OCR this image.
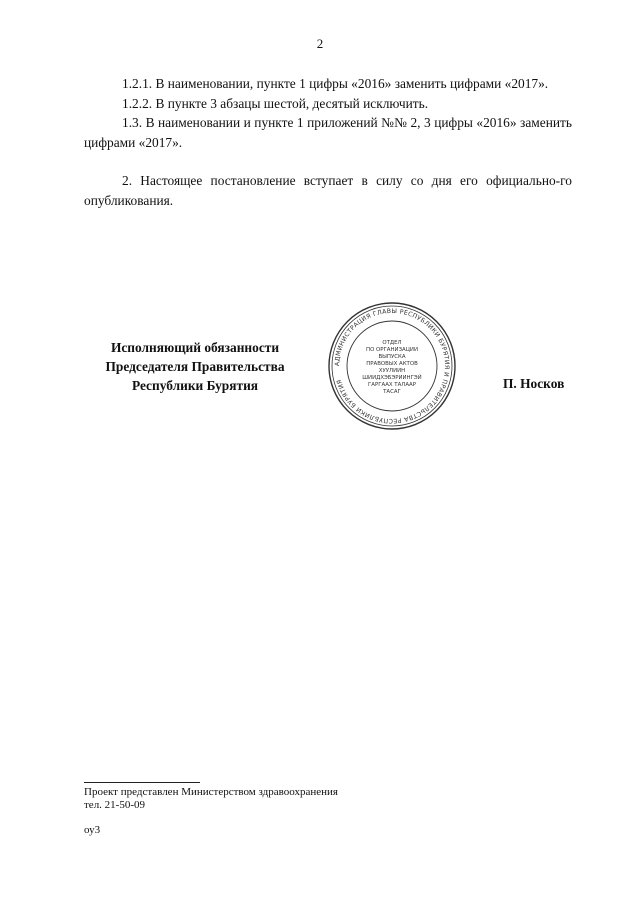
2

1.2.1. В наименовании, пункте 1 цифры «2016» заменить цифрами «2017».

1.2.2. В пункте 3 абзацы шестой, десятый исключить.

1.3. В наименовании и пункте 1 приложений №№ 2, 3 цифры «2016» заменить цифрами «2017».

2. Настоящее постановление вступает в силу со дня его официально-го опубликования.

Исполняющий обязанности
Председателя Правительства
Республики Бурятия
АДМИНИСТРАЦИЯ ГЛАВЫ РЕСПУБЛИКИ БУРЯТИЯ И ПРАВИТЕЛЬСТВА РЕСПУБЛИКИ БУРЯТИЯ
ОТДЕЛ
ПО ОРГАНИЗАЦИИ
ВЫПУСКА
ПРАВОВЫХ АКТОВ
ХУУЛИИН
ШИИДХЭБЭРИИНГЭЙ
ГАРГААХ ТАЛААР
ТАСАГ
П. Носков
Проект представлен Министерством здравоохранения
тел. 21-50-09
оу3
